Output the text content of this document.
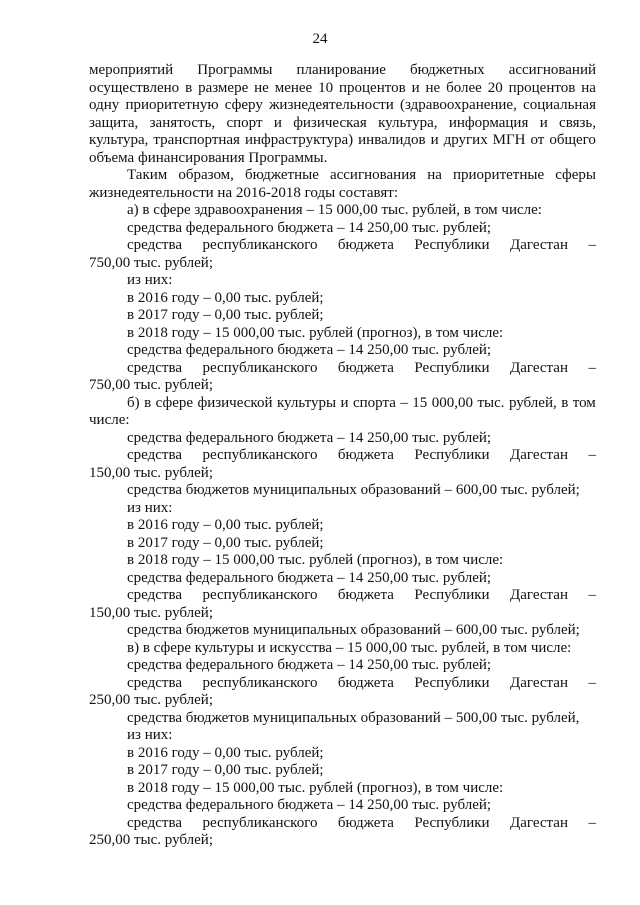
24
мероприятий Программы планирование бюджетных ассигнований
осуществлено в размере не менее 10 процентов и не более 20 процентов на
одну приоритетную сферу жизнедеятельности (здравоохранение, социальная
защита, занятость, спорт и физическая культура, информация и связь,
культура, транспортная инфраструктура) инвалидов и других МГН от общего
объема финансирования Программы.
Таким образом, бюджетные ассигнования на приоритетные сферы
жизнедеятельности на 2016-2018 годы составят:
а) в сфере здравоохранения – 15 000,00 тыс. рублей, в том числе:
средства федерального бюджета – 14 250,00 тыс. рублей;
средства республиканского бюджета Республики Дагестан –
750,00 тыс. рублей;
из них:
в 2016 году – 0,00 тыс. рублей;
в 2017 году – 0,00 тыс. рублей;
в 2018 году – 15 000,00 тыс. рублей (прогноз), в том числе:
средства федерального бюджета – 14 250,00 тыс. рублей;
средства республиканского бюджета Республики Дагестан –
750,00 тыс. рублей;
б) в сфере физической культуры и спорта – 15 000,00 тыс. рублей, в том
числе:
средства федерального бюджета – 14 250,00 тыс. рублей;
средства республиканского бюджета Республики Дагестан –
150,00 тыс. рублей;
средства бюджетов муниципальных образований – 600,00 тыс. рублей;
из них:
в 2016 году – 0,00 тыс. рублей;
в 2017 году – 0,00 тыс. рублей;
в 2018 году – 15 000,00 тыс. рублей (прогноз), в том числе:
средства федерального бюджета – 14 250,00 тыс. рублей;
средства республиканского бюджета Республики Дагестан –
150,00 тыс. рублей;
средства бюджетов муниципальных образований – 600,00 тыс. рублей;
в) в сфере культуры и искусства – 15 000,00 тыс. рублей, в том числе:
средства федерального бюджета – 14 250,00 тыс. рублей;
средства республиканского бюджета Республики Дагестан –
250,00 тыс. рублей;
средства бюджетов муниципальных образований – 500,00 тыс. рублей,
из них:
в 2016 году – 0,00 тыс. рублей;
в 2017 году – 0,00 тыс. рублей;
в 2018 году – 15 000,00 тыс. рублей (прогноз), в том числе:
средства федерального бюджета – 14 250,00 тыс. рублей;
средства республиканского бюджета Республики Дагестан –
250,00 тыс. рублей;
